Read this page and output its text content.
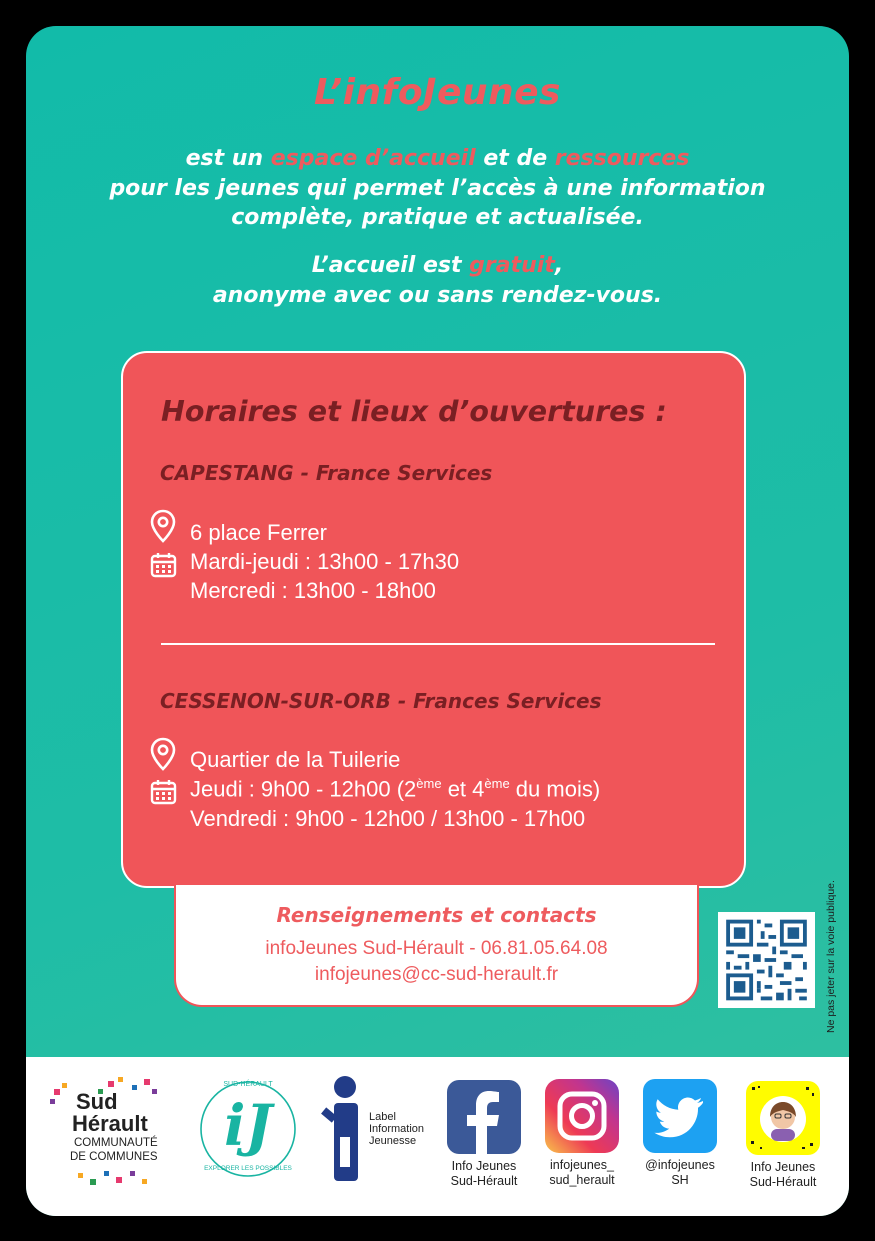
L’infoJeunes
est un espace d’accueil et de ressources
pour les jeunes qui permet l’accès à une information
complète, pratique et actualisée.
L’accueil est gratuit,
anonyme avec ou sans rendez-vous.
Horaires et lieux d’ouvertures :
CAPESTANG - France Services
6 place Ferrer
Mardi-jeudi : 13h00 - 17h30
Mercredi : 13h00 - 18h00
CESSENON-SUR-ORB - Frances Services
Quartier de la Tuilerie
Jeudi : 9h00 - 12h00 (2ème et 4ème du mois)
Vendredi : 9h00 - 12h00 / 13h00 - 17h00
Renseignements et contacts
infoJeunes Sud-Hérault - 06.81.05.64.08
infojeunes@cc-sud-herault.fr	Ne pas jeter sur la voie publique.
Sud
Hérault
COMMUNAUTÉ
DE COMMUNES
SUD-HÉRAULT
iJ
EXPLORER LES POSSIBLES
Label
Information
Jeunesse
Info Jeunes
Sud-Hérault
infojeunes_
sud_herault
@infojeunes
SH
Info Jeunes
Sud-Hérault
